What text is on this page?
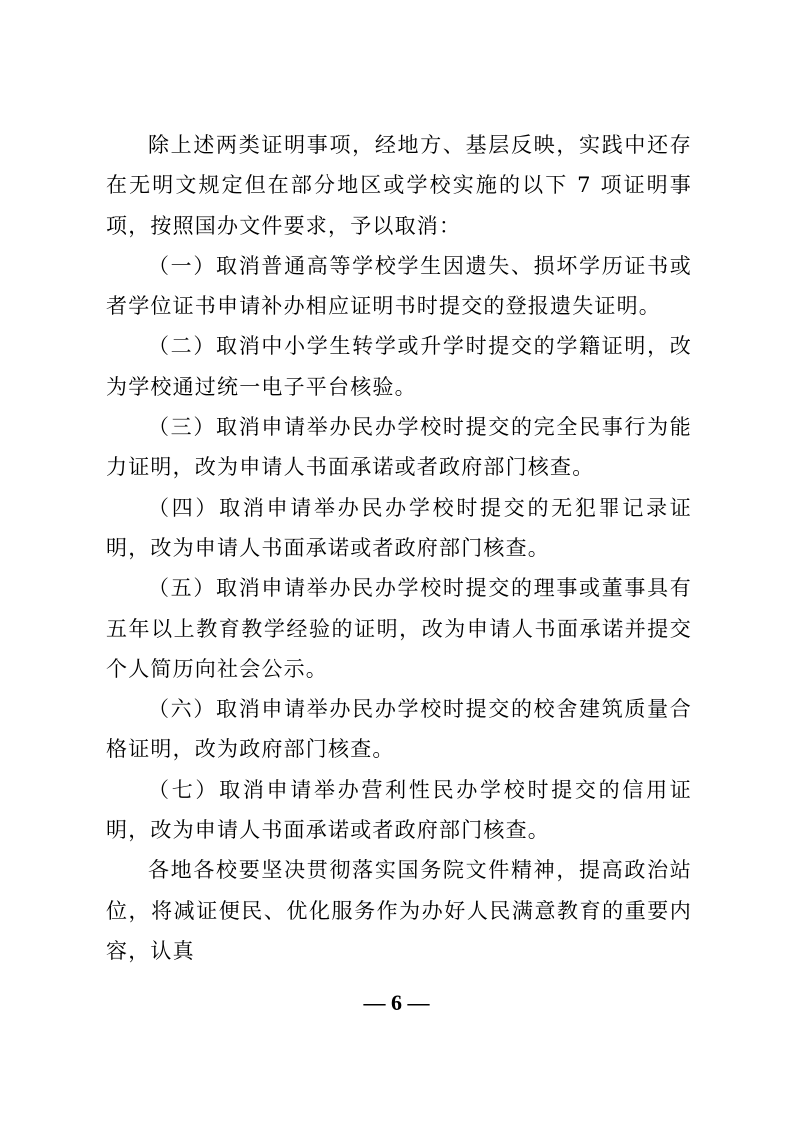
除上述两类证明事项，经地方、基层反映，实践中还存在无明文规定但在部分地区或学校实施的以下 7 项证明事项，按照国办文件要求，予以取消：

（一）取消普通高等学校学生因遗失、损坏学历证书或者学位证书申请补办相应证明书时提交的登报遗失证明。

（二）取消中小学生转学或升学时提交的学籍证明，改为学校通过统一电子平台核验。

（三）取消申请举办民办学校时提交的完全民事行为能力证明，改为申请人书面承诺或者政府部门核查。

（四）取消申请举办民办学校时提交的无犯罪记录证明，改为申请人书面承诺或者政府部门核查。

（五）取消申请举办民办学校时提交的理事或董事具有五年以上教育教学经验的证明，改为申请人书面承诺并提交个人简历向社会公示。

（六）取消申请举办民办学校时提交的校舍建筑质量合格证明，改为政府部门核查。

（七）取消申请举办营利性民办学校时提交的信用证明，改为申请人书面承诺或者政府部门核查。

各地各校要坚决贯彻落实国务院文件精神，提高政治站位，将减证便民、优化服务作为办好人民满意教育的重要内容，认真

— 6 —
